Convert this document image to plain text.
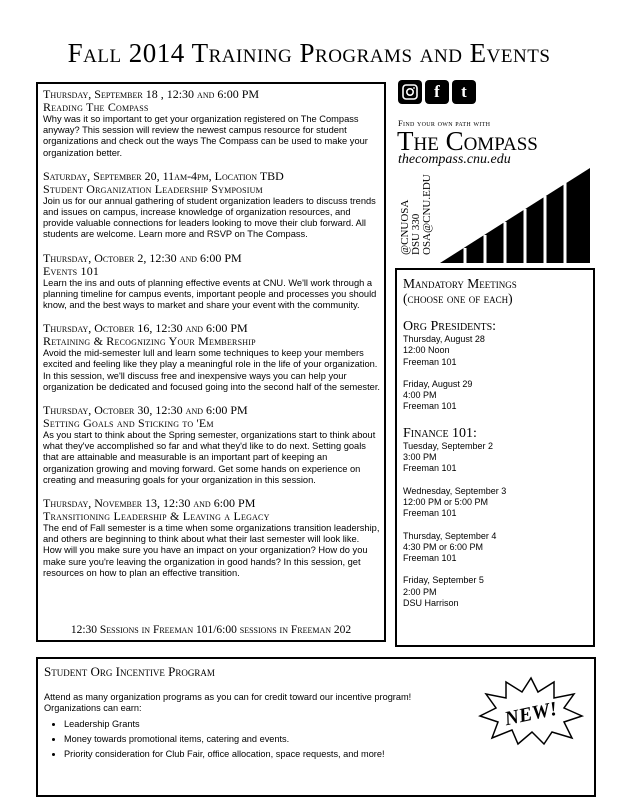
Fall 2014 Training Programs and Events
Thursday, September 18 , 12:30 and 6:00 PM
Reading The Compass
Why was it so important to get your organization registered on The Compass anyway? This session will review the newest campus resource for student organizations and check out the ways The Compass can be used to make your organization better.
Saturday, September 20, 11am-4pm, Location TBD
Student Organization Leadership Symposium
Join us for our annual gathering of student organization leaders to discuss trends and issues on campus, increase knowledge of organization resources, and provide valuable connections for leaders looking to move their club forward. All students are welcome. Learn more and RSVP on The Compass.
Thursday, October 2, 12:30 and 6:00 PM
Events 101
Learn the ins and outs of planning effective events at CNU. We'll work through a planning timeline for campus events, important people and processes you should know, and the best ways to market and share your event with the community.
Thursday, October 16, 12:30 and 6:00 PM
Retaining & Recognizing Your Membership
Avoid the mid-semester lull and learn some techniques to keep your members excited and feeling like they play a meaningful role in the life of your organization. In this session, we'll discuss free and inexpensive ways you can help your organization be dedicated and focused going into the second half of the semester.
Thursday, October 30, 12:30 and 6:00 PM
Setting Goals and Sticking to 'Em
As you start to think about the Spring semester, organizations start to think about what they've accomplished so far and what they'd like to do next. Setting goals that are attainable and measurable is an important part of keeping an organization growing and moving forward. Get some hands on experience on creating and measuring goals for your organization in this session.
Thursday, November 13, 12:30 and 6:00 PM
Transitioning Leadership & Leaving a Legacy
The end of Fall semester is a time when some organizations transition leadership, and others are beginning to think about what their last semester will look like. How will you make sure you have an impact on your organization? How do you make sure you're leaving the organization in good hands? In this session, get resources on how to plan an effective transition.
12:30 Sessions in Freeman 101/6:00 sessions in Freeman 202
f	t
Find your own path with
The Compass
thecompass.cnu.edu
@CNUOSA DSU 330 OSA@CNU.EDU
Mandatory Meetings
(choose one of each)
Org Presidents:
Thursday, August 28
12:00 Noon
Freeman 101
Friday, August 29
4:00 PM
Freeman 101
Finance 101:
Tuesday, September 2
3:00 PM
Freeman 101
Wednesday, September 3
12:00 PM or 5:00 PM
Freeman 101
Thursday, September 4
4:30 PM or 6:00 PM
Freeman 101
Friday, September 5
2:00 PM
DSU Harrison
Student Org Incentive Program
Attend as many organization programs as you can for credit toward our incentive program! Organizations can earn:
• Leadership Grants
• Money towards promotional items, catering and events.
• Priority consideration for Club Fair, office allocation, space requests, and more!
NEW!
